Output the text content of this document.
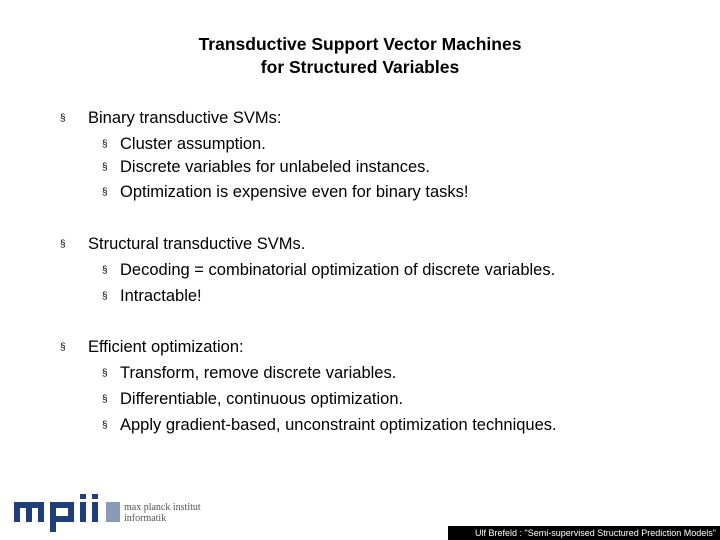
Transductive Support Vector Machines
for Structured Variables
§ Binary transductive SVMs:
§ Cluster assumption.
§ Discrete variables for unlabeled instances.
§ Optimization is expensive even for binary tasks!
§ Structural transductive SVMs.
§ Decoding = combinatorial optimization of discrete variables.
§ Intractable!
§ Efficient optimization:
§ Transform, remove discrete variables.
§ Differentiable, continuous optimization.
§ Apply gradient-based, unconstraint optimization techniques.
max planck institut
informatik
Ulf Brefeld : "Semi-supervised Structured Prediction Models"
